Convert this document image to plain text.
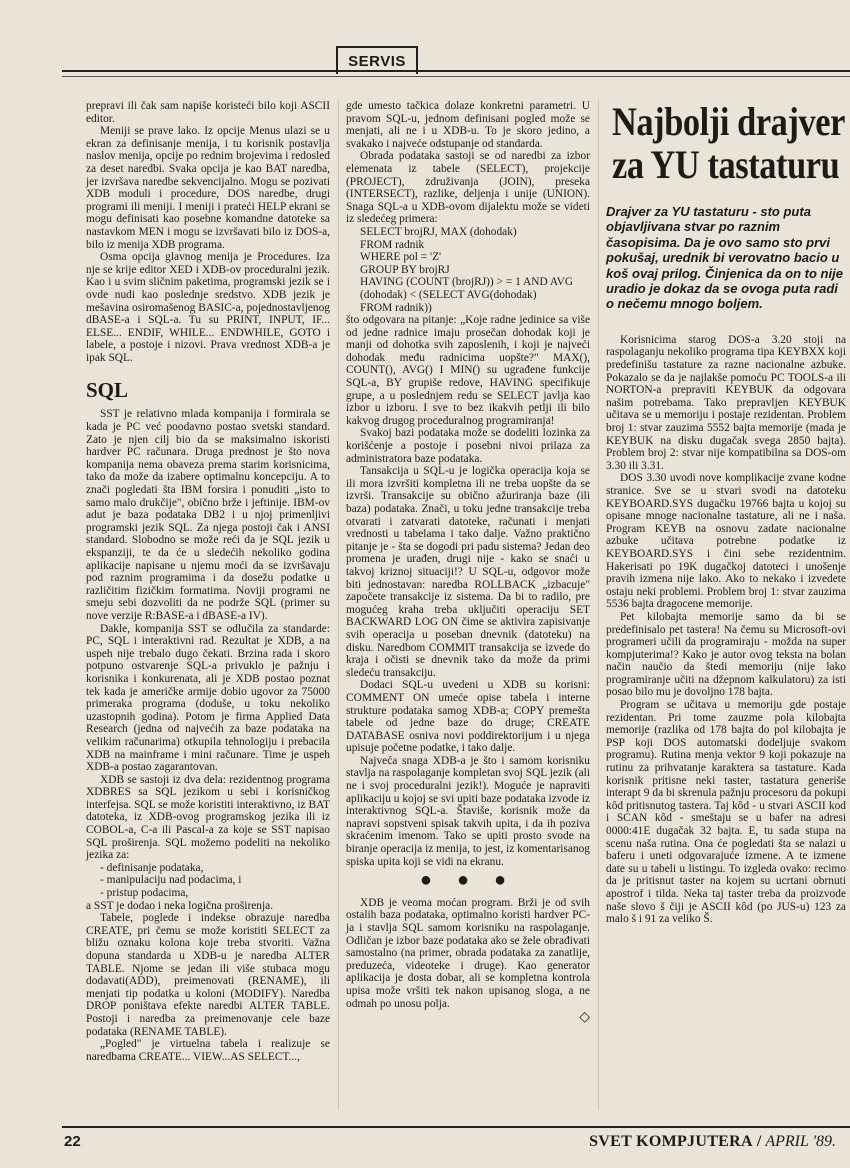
SERVIS

prepravi ili čak sam napiše koristeći bilo koji ASCII editor.

Meniji se prave lako. Iz opcije Menus ulazi se u ekran za definisanje menija, i tu korisnik postavlja naslov menija, opcije po rednim brojevima i redosled za deset naredbi. Svaka opcija je kao BAT naredba, jer izvršava naredbe sekvencijalno. Mogu se pozivati XDB moduli i procedure, DOS naredbe, drugi programi ili meniji. I meniji i prateći HELP ekrani se mogu definisati kao posebne komandne datoteke sa nastavkom MEN i mogu se izvršavati bilo iz DOS-a, bilo iz menija XDB programa.

Osma opcija glavnog menija je Procedures. Iza nje se krije editor XED i XDB-ov proceduralni jezik. Kao i u svim sličnim paketima, programski jezik se i ovde nudi kao poslednje sredstvo. XDB jezik je mešavina osiromašenog BASIC-a, pojednostavljenog dBASE-a i SQL-a. Tu su PRINT, INPUT, IF... ELSE... ENDIF, WHILE... ENDWHILE, GOTO i labele, a postoje i nizovi. Prava vrednost XDB-a je ipak SQL.

SQL

SST je relativno mlada kompanija i formirala se kada je PC već poodavno postao svetski standard. Zato je njen cilj bio da se maksimalno iskoristi hardver PC računara. Druga prednost je što nova kompanija nema obaveza prema starim korisnicima, tako da može da izabere optimalnu koncepciju. A to znači pogledati šta IBM forsira i ponuditi „isto to samo malo drukčije", obično brže i jeftinije. IBM-ov adut je baza podataka DB2 i u njoj primenljivi programski jezik SQL. Za njega postoji čak i ANSI standard. Slobodno se može reći da je SQL jezik u ekspanziji, te da će u sledećih nekoliko godina aplikacije napisane u njemu moći da se izvršavaju pod raznim programima i da dosežu podatke u različitim fizičkim formatima. Noviji programi ne smeju sebi dozvoliti da ne podrže SQL (primer su nove verzije R:BASE-a i dBASE-a IV).

Dakle, kompanija SST se odlučila za standarde: PC, SQL i interaktivni rad. Rezultat je XDB, a na uspeh nije trebalo dugo čekati. Brzina rada i skoro potpuno ostvarenje SQL-a privuklo je pažnju i korisnika i konkurenata, ali je XDB postao poznat tek kada je američke armije dobio ugovor za 75000 primeraka programa (doduše, u toku nekoliko uzastopnih godina). Potom je firma Applied Data Research (jedna od najvećih za baze podataka na velikim računarima) otkupila tehnologiju i prebacila XDB na mainframe i mini računare. Time je uspeh XDB-a postao zagarantovan.

XDB se sastoji iz dva dela: rezidentnog programa XDBRES sa SQL jezikom u sebi i korisničkog interfejsa. SQL se može koristiti interaktivno, iz BAT datoteka, iz XDB-ovog programskog jezika ili iz COBOL-a, C-a ili Pascal-a za koje se SST napisao SQL proširenja. SQL možemo podeliti na nekoliko jezika za:

- definisanje podataka,
- manipulaciju nad podacima, i
- pristup podacima,

a SST je dodao i neka logična proširenja.

Tabele, poglede i indekse obrazuje naredba CREATE, pri čemu se može koristiti SELECT za bližu oznaku kolona koje treba stvoriti. Važna dopuna standarda u XDB-u je naredba ALTER TABLE. Njome se jedan ili više stubaca mogu dodavati(ADD), preimenovati (RENAME), ili menjati tip podatka u koloni (MODIFY). Naredba DROP poništava efekte naredbi ALTER TABLE. Postoji i naredba za preimenovanje cele baze podataka (RENAME TABLE).

„Pogled" je virtuelna tabela i realizuje se naredbama CREATE... VIEW...AS SELECT...,

gde umesto tačkica dolaze konkretni parametri. U pravom SQL-u, jednom definisani pogled može se menjati, ali ne i u XDB-u. To je skoro jedino, a svakako i najveće odstupanje od standarda.

Obrada podataka sastoji se od naredbi za izbor elemenata iz tabele (SELECT), projekcije (PROJECT), združivanja (JOIN), preseka (INTERSECT), razlike, deljenja i unije (UNION). Snaga SQL-a u XDB-ovom dijalektu može se videti iz sledećeg primera:

SELECT brojRJ, MAX (dohodak)
FROM radnik
WHERE pol = 'Z'
GROUP BY brojRJ
HAVING (COUNT (brojRJ)) > = 1 AND AVG
(dohodak) < (SELECT AVG(dohodak)
FROM radnik))

što odgovara na pitanje: „Koje radne jedinice sa više od jedne radnice imaju prosečan dohodak koji je manji od dohotka svih zaposlenih, i koji je najveći dohodak među radnicima uopšte?" MAX(), COUNT(), AVG() I MIN() su ugrađene funkcije SQL-a, BY grupiše redove, HAVING specifikuje grupe, a u poslednjem redu se SELECT javlja kao izbor u izboru. I sve to bez ikakvih petlji ili bilo kakvog drugog proceduralnog programiranja!

Svakoj bazi podataka može se dodeliti lozinka za korišćenje a postoje i posebni nivoi prilaza za administratora baze podataka.

Tansakcija u SQL-u je logička operacija koja se ili mora izvršiti kompletna ili ne treba uopšte da se izvrši. Transakcije su obično ažuriranja baze (ili baza) podataka. Znači, u toku jedne transakcije treba otvarati i zatvarati datoteke, računati i menjati vrednosti u tabelama i tako dalje. Važno praktično pitanje je - šta se dogodi pri padu sistema? Jedan deo promena je urađen, drugi nije - kako se snaći u takvoj kriznoj situaciji!? U SQL-u, odgovor može biti jednostavan: naredba ROLLBACK „izbacuje" započete transakcije iz sistema. Da bi to radilo, pre mogućeg kraha treba uključiti operaciju SET BACKWARD LOG ON čime se aktivira zapisivanje svih operacija u poseban dnevnik (datoteku) na disku. Naredbom COMMIT transakcija se izvede do kraja i očisti se dnevnik tako da može da primi sledeću transakciju.

Dodaci SQL-u uvedeni u XDB su korisni: COMMENT ON umeće opise tabela i interne strukture podataka samog XDB-a; COPY premešta tabele od jedne baze do druge; CREATE DATABASE osniva novi poddirektorijum i u njega upisuje početne podatke, i tako dalje.

Najveća snaga XDB-a je što i samom korisniku stavlja na raspolaganje kompletan svoj SQL jezik (ali ne i svoj proceduralni jezik!). Moguće je napraviti aplikaciju u kojoj se svi upiti baze podataka izvode iz interaktivnog SQL-a. Štaviše, korisnik može da napravi sopstveni spisak takvih upita, i da ih poziva skraćenim imenom. Tako se upiti prosto svode na biranje operacija iz menija, to jest, iz komentarisanog spiska upita koji se vidi na ekranu.

● ● ●

XDB je veoma moćan program. Brži je od svih ostalih baza podataka, optimalno koristi hardver PC-ja i stavlja SQL samom korisniku na raspolaganje. Odličan je izbor baze podataka ako se žele obrađivati samostalno (na primer, obrada podataka za zanatlije, preduzeća, videoteke i druge). Kao generator aplikacija je dosta dobar, ali se kompletna kontrola upisa može vršiti tek nakon upisanog sloga, a ne odmah po unosu polja.

◇
Najbolji drajver za YU tastaturu
Drajver za YU tastaturu - sto puta objavljivana stvar po raznim časopisima. Da je ovo samo sto prvi pokušaj, urednik bi verovatno bacio u koš ovaj prilog. Činjenica da on to nije uradio je dokaz da se ovoga puta radi o nečemu mnogo boljem.

Korisnicima starog DOS-a 3.20 stoji na raspolaganju nekoliko programa tipa KEYBXX koji predefinišu tastature za razne nacionalne azbuke. Pokazalo se da je najlakše pomoću PC TOOLS-a ili NORTON-a prepraviti KEYBUK da odgovara našim potrebama. Tako prepravljen KEYBUK učitava se u memoriju i postaje rezidentan. Problem broj 1: stvar zauzima 5552 bajta memorije (mada je KEYBUK na disku dugačak svega 2850 bajta). Problem broj 2: stvar nije kompatibilna sa DOS-om 3.30 ili 3.31.

DOS 3.30 uvodi nove komplikacije zvane kodne stranice. Sve se u stvari svodi na datoteku KEYBOARD.SYS dugačku 19766 bajta u kojoj su opisane mnoge nacionalne tastature, ali ne i naša. Program KEYB na osnovu zadate nacionalne azbuke učitava potrebne podatke iz KEYBOARD.SYS i čini sebe rezidentnim. Hakerisati po 19K dugačkoj datoteci i unošenje pravih izmena nije lako. Ako to nekako i izvedete ostaju neki problemi. Problem broj 1: stvar zauzima 5536 bajta dragocene memorije.

Pet kilobajta memorije samo da bi se predefinisalo pet tastera! Na čemu su Microsoft-ovi programeri učili da programiraju - možda na super kompjuterima!? Kako je autor ovog teksta na bolan način naučio da štedi memoriju (nije lako programiranje učiti na džepnom kalkulatoru) za isti posao bilo mu je dovoljno 178 bajta.

Program se učitava u memoriju gde postaje rezidentan. Pri tome zauzme pola kilobajta memorije (razlika od 178 bajta do pol kilobajta je PSP koji DOS automatski dodeljuje svakom programu). Rutina menja vektor 9 koji pokazuje na rutinu za prihvatanje karaktera sa tastature. Kada korisnik pritisne neki taster, tastatura generiše interapt 9 da bi skrenula pažnju procesoru da pokupi kôd pritisnutog tastera. Taj kôd - u stvari ASCII kod i SCAN kôd - smeštaju se u bafer na adresi 0000:41E dugačak 32 bajta. E, tu sada stupa na scenu naša rutina. Ona će pogledati šta se nalazi u baferu i uneti odgovarajuće izmene. A te izmene date su u tabeli u listingu. To izgleda ovako: recimo da je pritisnut taster na kojem su ucrtani obrnuti apostrof i tilda. Neka taj taster treba da proizvode naše slovo š čiji je ASCII kôd (po JUS-u) 123 za malo š i 91 za veliko Š.

22	SVET KOMPJUTERA / APRIL '89.
